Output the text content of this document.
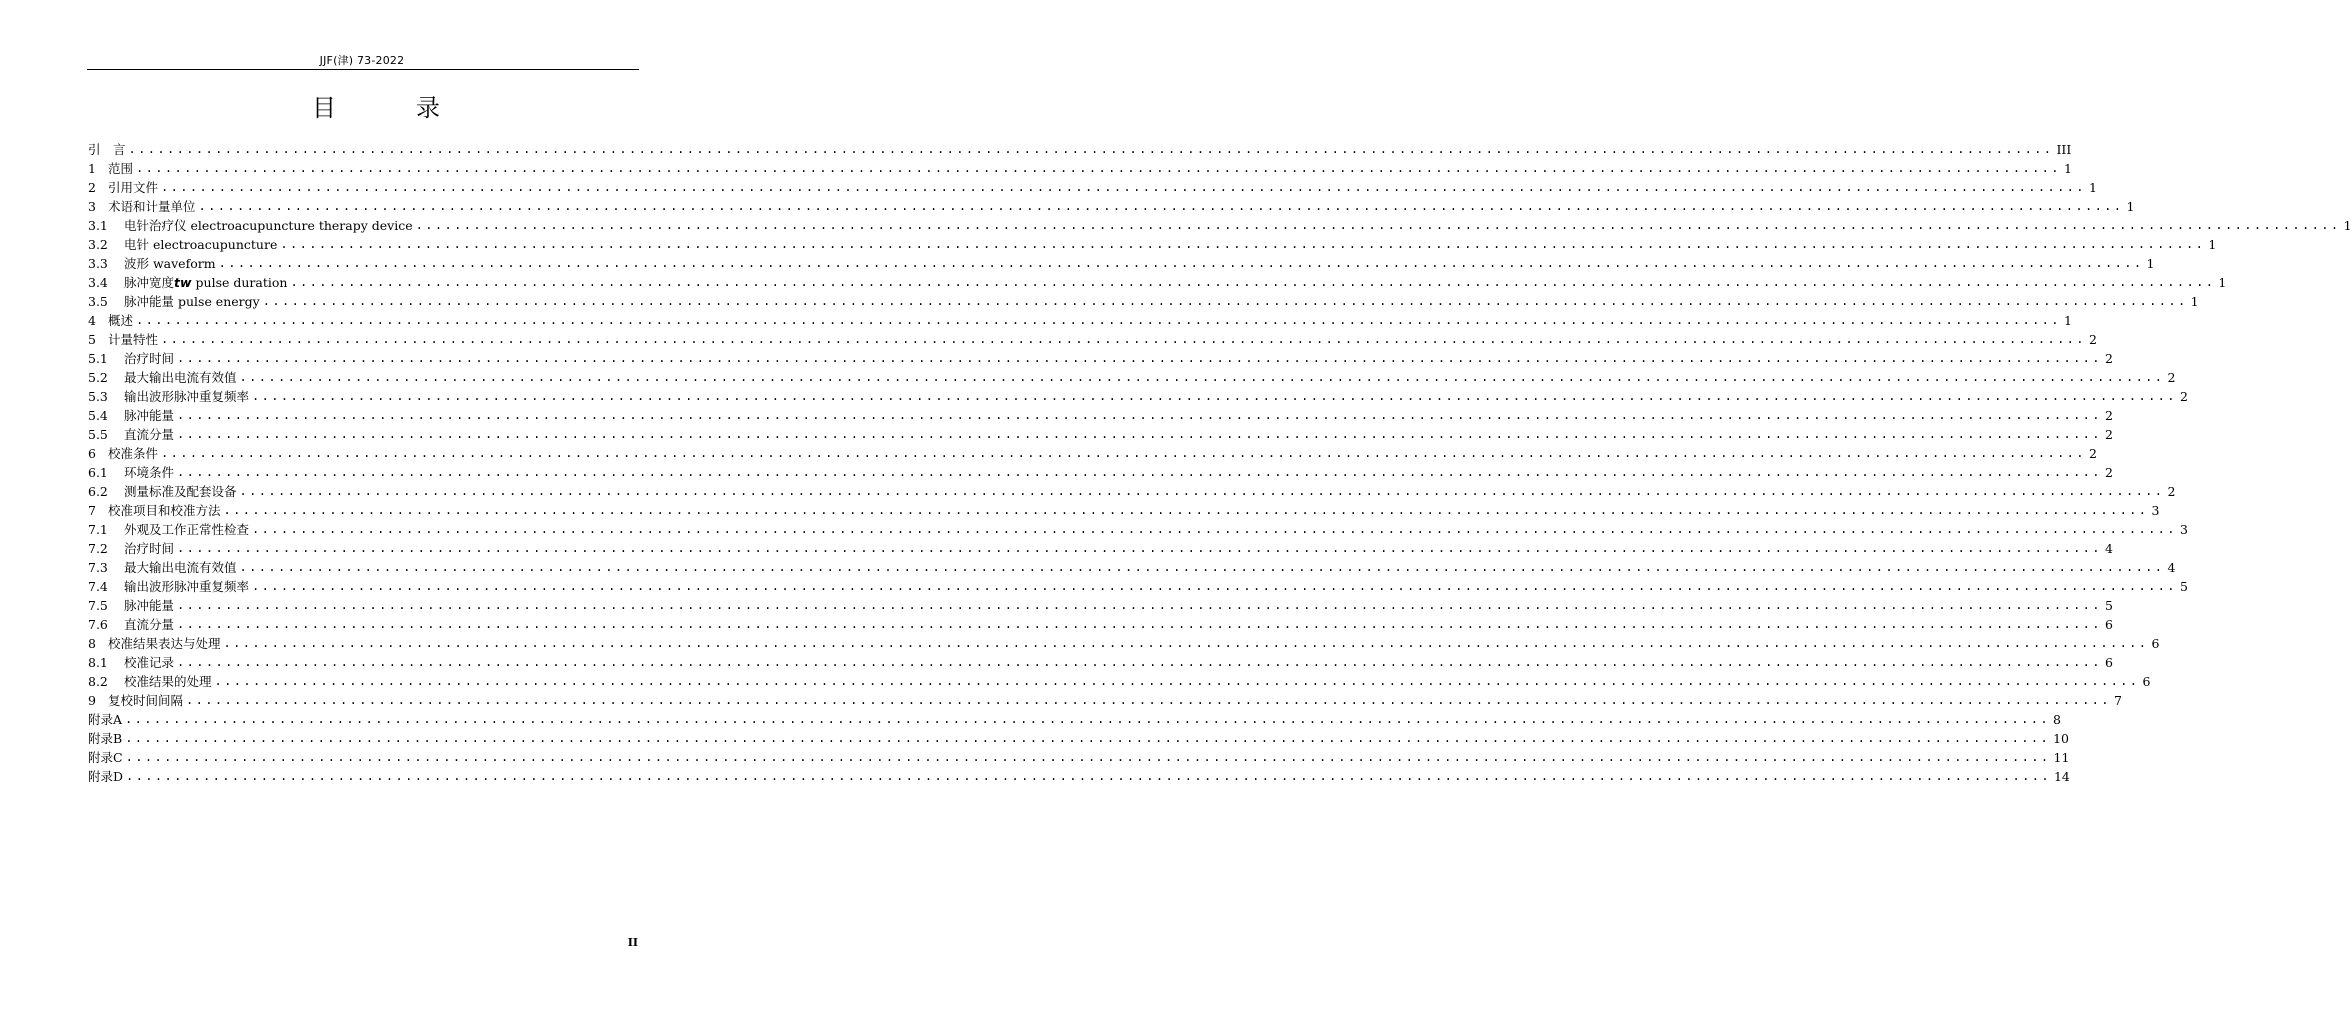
JJF(津) 73-2022
目　录
引　言 ........................................................................................................................................................................................................ III
1 范围 ........................................................................................................................................................................................................ 1
2 引用文件 ........................................................................................................................................................................................................ 1
3 术语和计量单位 ........................................................................................................................................................................................................ 1
3.1	电针治疗仪 electroacupuncture therapy device ........................................................................................................................................................................................................ 1
3.2	电针 electroacupuncture ........................................................................................................................................................................................................ 1
3.3	波形 waveform ........................................................................................................................................................................................................ 1
3.4	脉冲宽度tw pulse duration ........................................................................................................................................................................................................ 1
3.5	脉冲能量 pulse energy ........................................................................................................................................................................................................ 1
4 概述 ........................................................................................................................................................................................................ 1
5 计量特性 ........................................................................................................................................................................................................ 2
5.1	治疗时间 ........................................................................................................................................................................................................ 2
5.2	最大输出电流有效值 ........................................................................................................................................................................................................ 2
5.3	输出波形脉冲重复频率 ........................................................................................................................................................................................................ 2
5.4	脉冲能量 ........................................................................................................................................................................................................ 2
5.5	直流分量 ........................................................................................................................................................................................................ 2
6 校准条件 ........................................................................................................................................................................................................ 2
6.1	环境条件 ........................................................................................................................................................................................................ 2
6.2	测量标准及配套设备 ........................................................................................................................................................................................................ 2
7 校准项目和校准方法 ........................................................................................................................................................................................................ 3
7.1	外观及工作正常性检查 ........................................................................................................................................................................................................ 3
7.2	治疗时间 ........................................................................................................................................................................................................ 4
7.3	最大输出电流有效值 ........................................................................................................................................................................................................ 4
7.4	输出波形脉冲重复频率 ........................................................................................................................................................................................................ 5
7.5	脉冲能量 ........................................................................................................................................................................................................ 5
7.6	直流分量 ........................................................................................................................................................................................................ 6
8 校准结果表达与处理 ........................................................................................................................................................................................................ 6
8.1	校准记录 ........................................................................................................................................................................................................ 6
8.2	校准结果的处理 ........................................................................................................................................................................................................ 6
9 复校时间间隔 ........................................................................................................................................................................................................ 7
附录A ........................................................................................................................................................................................................ 8
附录B ........................................................................................................................................................................................................ 10
附录C ........................................................................................................................................................................................................ 11
附录D ........................................................................................................................................................................................................ 14
II
